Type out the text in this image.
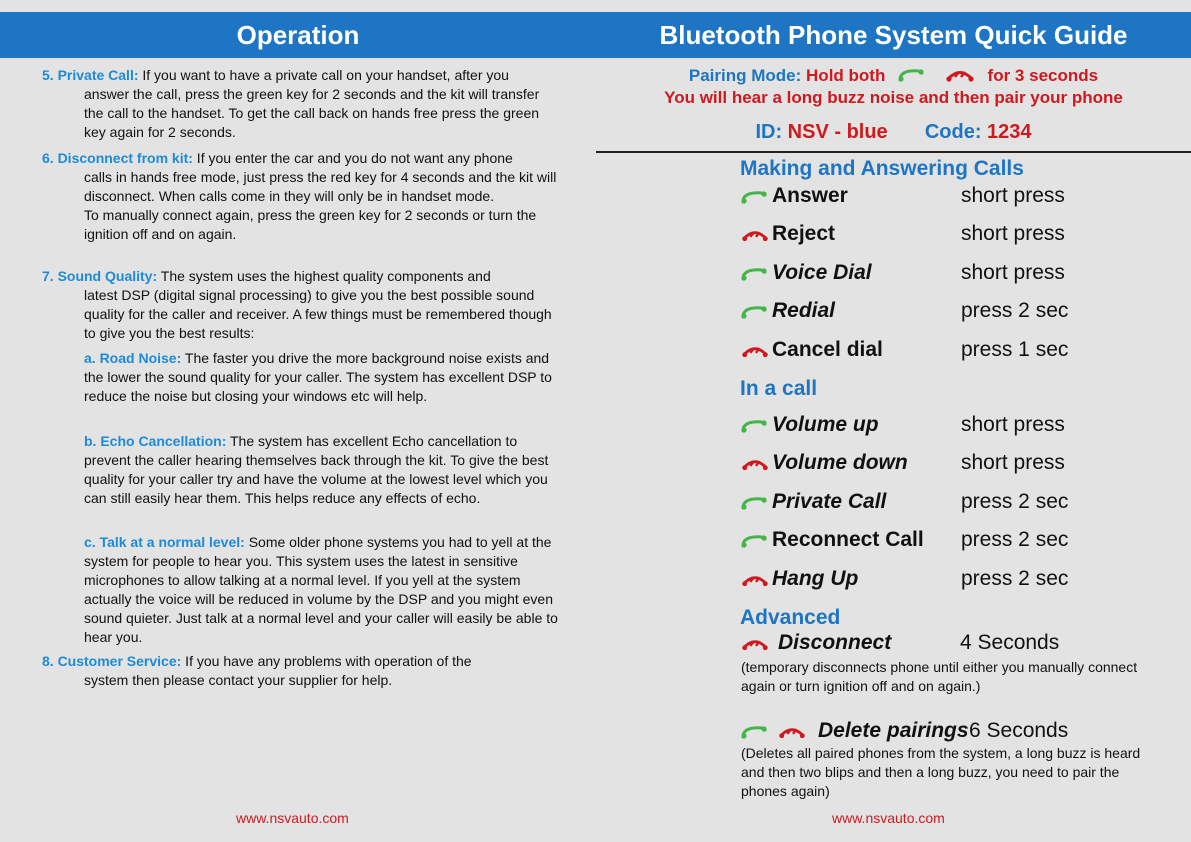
Operation	Bluetooth Phone System Quick Guide
5. Private Call: If you want to have a private call on your handset, after you
answer the call, press the green key for 2 seconds and the kit will transfer the call to the handset. To get the call back on hands free press the green key again for 2 seconds.
6. Disconnect from kit: If you enter the car and you do not want any phone
calls in hands free mode, just press the red key for 4 seconds and the kit will disconnect. When calls come in they will only be in handset mode.
To manually connect again, press the green key for 2 seconds or turn the ignition off and on again.
7. Sound Quality: The system uses the highest quality components and
latest DSP (digital signal processing) to give you the best possible sound quality for the caller and receiver. A few things must be remembered though to give you the best results:
a. Road Noise: The faster you drive the more background noise exists and the lower the sound quality for your caller. The system has excellent DSP to reduce the noise but closing your windows etc will help.
b. Echo Cancellation: The system has excellent Echo cancellation to prevent the caller hearing themselves back through the kit. To give the best quality for your caller try and have the volume at the lowest level which you can still easily hear them. This helps reduce any effects of echo.
c. Talk at a normal level: Some older phone systems you had to yell at the system for people to hear you. This system uses the latest in sensitive microphones to allow talking at a normal level. If you yell at the system actually the voice will be reduced in volume by the DSP and you might even sound quieter. Just talk at a normal level and your caller will easily be able to hear you.
8. Customer Service: If you have any problems with operation of the
system then please contact your supplier for help.
www.nsvauto.com
Pairing Mode: Hold both	for 3 seconds
You will hear a long buzz noise and then pair your phone
ID: NSV - blue Code: 1234
Making and Answering Calls
Answer	short press
Reject	short press
Voice Dial	short press
Redial	press 2 sec
Cancel dial	press 1 sec
In a call
Volume up	short press
Volume down	short press
Private Call	press 2 sec
Reconnect Call press 2 sec
Hang Up	press 2 sec
Advanced
Disconnect	4 Seconds
(temporary disconnects phone until either you manually connect again or turn ignition off and on again.)
Delete pairings 6 Seconds
(Deletes all paired phones from the system, a long buzz is heard and then two blips and then a long buzz, you need to pair the phones again)
www.nsvauto.com
